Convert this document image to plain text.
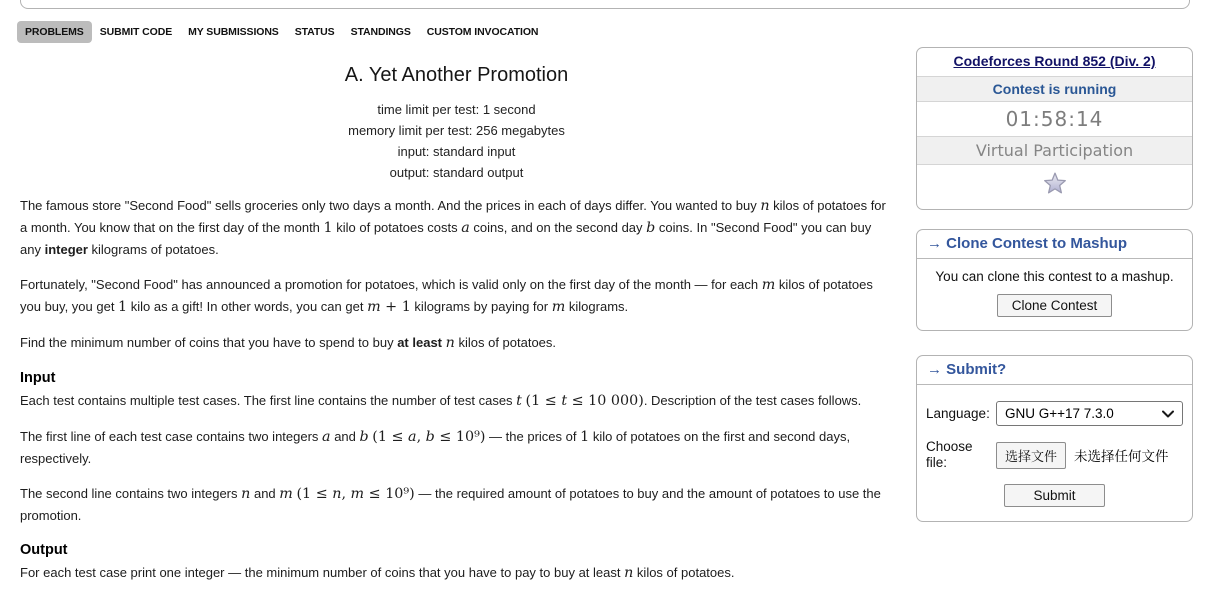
PROBLEMS	SUBMIT CODE	MY SUBMISSIONS	STATUS	STANDINGS	CUSTOM INVOCATION
A. Yet Another Promotion
time limit per test: 1 second
memory limit per test: 256 megabytes
input: standard input
output: standard output

The famous store "Second Food" sells groceries only two days a month. And the prices in each of days differ. You wanted to buy n kilos of potatoes for a month. You know that on the first day of the month 1 kilo of potatoes costs a coins, and on the second day b coins. In "Second Food" you can buy any integer kilograms of potatoes.

Fortunately, "Second Food" has announced a promotion for potatoes, which is valid only on the first day of the month — for each m kilos of potatoes you buy, you get 1 kilo as a gift! In other words, you can get m + 1 kilograms by paying for m kilograms.

Find the minimum number of coins that you have to spend to buy at least n kilos of potatoes.

Input

Each test contains multiple test cases. The first line contains the number of test cases t (1 ≤ t ≤ 10 000). Description of the test cases follows.

The first line of each test case contains two integers a and b (1 ≤ a, b ≤ 10⁹) — the prices of 1 kilo of potatoes on the first and second days, respectively.

The second line contains two integers n and m (1 ≤ n, m ≤ 10⁹) — the required amount of potatoes to buy and the amount of potatoes to use the promotion.

Output

For each test case print one integer — the minimum number of coins that you have to pay to buy at least n kilos of potatoes.

Codeforces Round 852 (Div. 2)
Contest is running
01:58:14
Virtual Participation
→ Clone Contest to Mashup
You can clone this contest to a mashup.
Clone Contest
→ Submit?
Language:	GNU G++17 7.3.0
Choose file:	选择文件	未选择任何文件
Submit
